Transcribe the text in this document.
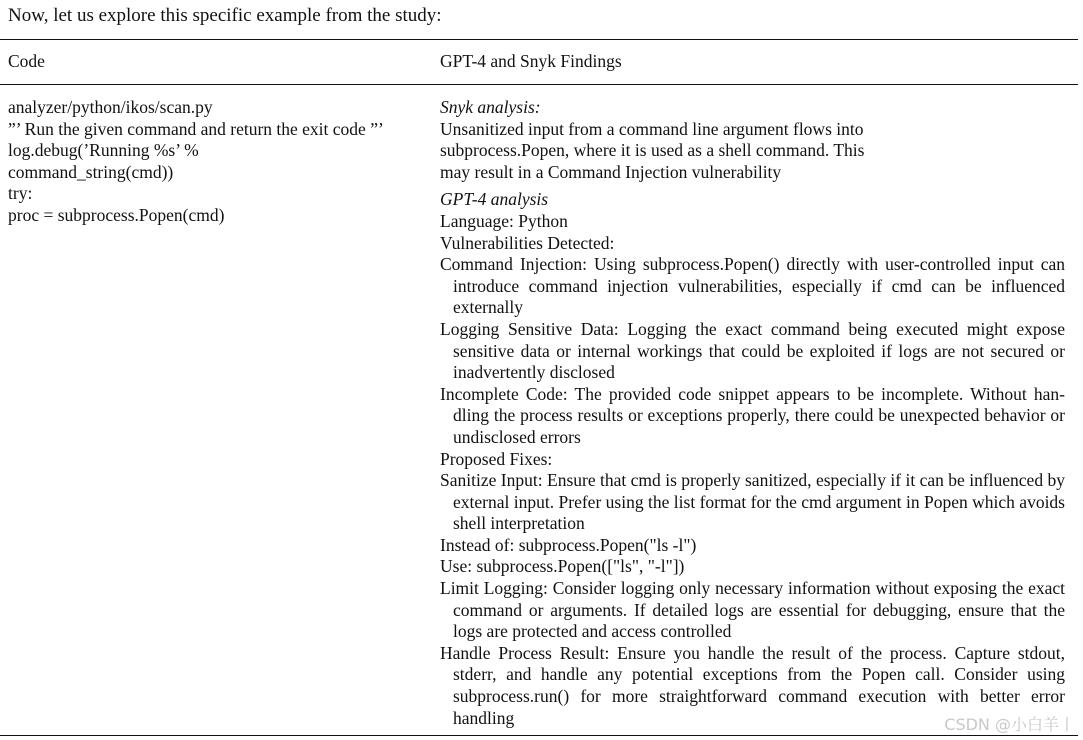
Now, let us explore this specific example from the study:
Code	GPT-4 and Snyk Findings
analyzer/python/ikos/scan.py
”’ Run the given command and return the exit code ”’
log.debug(’Running %s’ %
command_string(cmd))
try:
proc = subprocess.Popen(cmd)
Snyk analysis:
Unsanitized input from a command line argument flows into
subprocess.Popen, where it is used as a shell command. This
may result in a Command Injection vulnerability
GPT-4 analysis
Language: Python
Vulnerabilities Detected:
Command Injection: Using subprocess.Popen() directly with user-controlled input can introduce command injection vulnerabilities, especially if cmd can be influenced externally
Logging Sensitive Data: Logging the exact command being executed might expose sensitive data or internal workings that could be exploited if logs are not secured or inadvertently disclosed
Incomplete Code: The provided code snippet appears to be incomplete. Without han-dling the process results or exceptions properly, there could be unexpected behavior or undisclosed errors
Proposed Fixes:
Sanitize Input: Ensure that cmd is properly sanitized, especially if it can be influenced by external input. Prefer using the list format for the cmd argument in Popen which avoids shell interpretation
Instead of: subprocess.Popen("ls -l")
Use: subprocess.Popen(["ls", "-l"])
Limit Logging: Consider logging only necessary information without exposing the exact command or arguments. If detailed logs are essential for debugging, ensure that the logs are protected and access controlled
Handle Process Result: Ensure you handle the result of the process. Capture stdout, stderr, and handle any potential exceptions from the Popen call. Consider using subprocess.run() for more straightforward command execution with better error handling	CSDN @小白羊丨
